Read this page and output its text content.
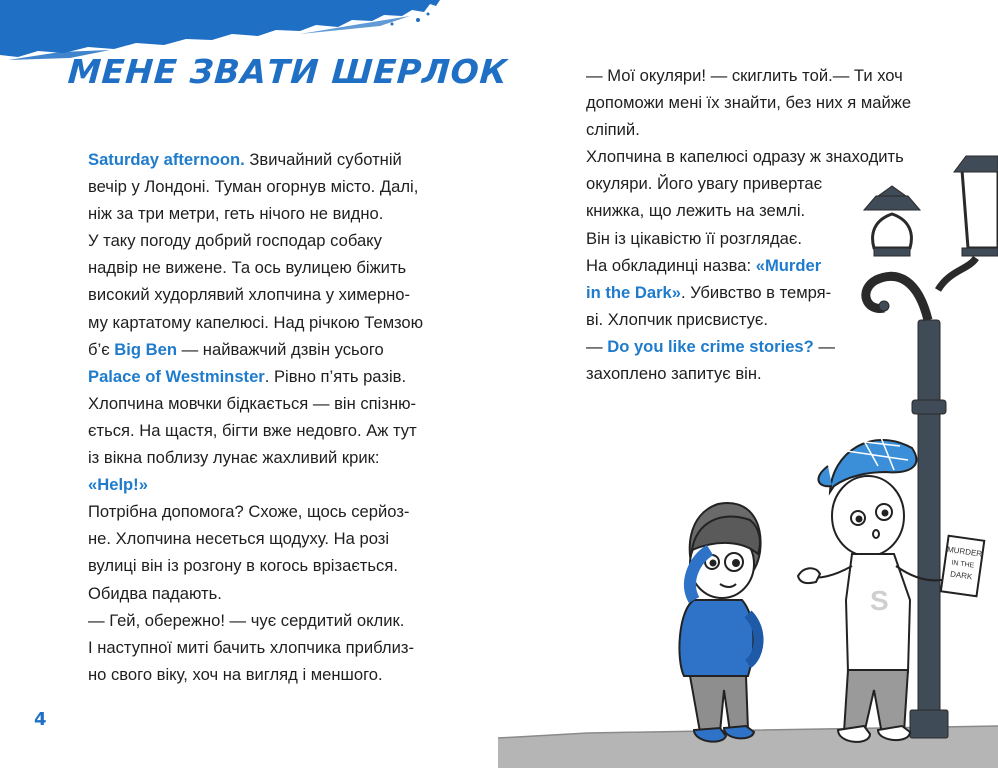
МЕНЕ ЗВАТИ ШЕРЛОК
Saturday afternoon. Звичайний суботній
вечір у Лондоні. Туман огорнув місто. Далі,
ніж за три метри, геть нічого не видно.
У таку погоду добрий господар собаку
надвір не вижене. Та ось вулицею біжить
високий худорлявий хлопчина у химерно-
му картатому капелюсі. Над річкою Темзою
б’є Big Ben — найважчий дзвін усього
Palace of Westminster. Рівно п’ять разів.
Хлопчина мовчки бідкається — він спізню-
ється. На щастя, бігти вже недовго. Аж тут
із вікна поблизу лунає жахливий крик:
«Help!»
Потрібна допомога? Схоже, щось серйоз-
не. Хлопчина несеться щодуху. На розі
вулиці він із розгону в когось врізається.
Обидва падають.
— Гей, обережно! — чує сердитий оклик.
І наступної миті бачить хлопчика приблиз-
но свого віку, хоч на вигляд і меншого.
— Мої окуляри! — скиглить той.— Ти хоч
допоможи мені їх знайти, без них я майже
сліпий.
Хлопчина в капелюсі одразу ж знаходить
окуляри. Його увагу привертає
книжка, що лежить на землі.
Він із цікавістю її розглядає.
На обкладинці назва: «Murder
in the Dark». Убивство в темря-
ві. Хлопчик присвистує.
— Do you like crime stories? —
захоплено запитує він.
4
S
MURDER
IN THE
DARK
